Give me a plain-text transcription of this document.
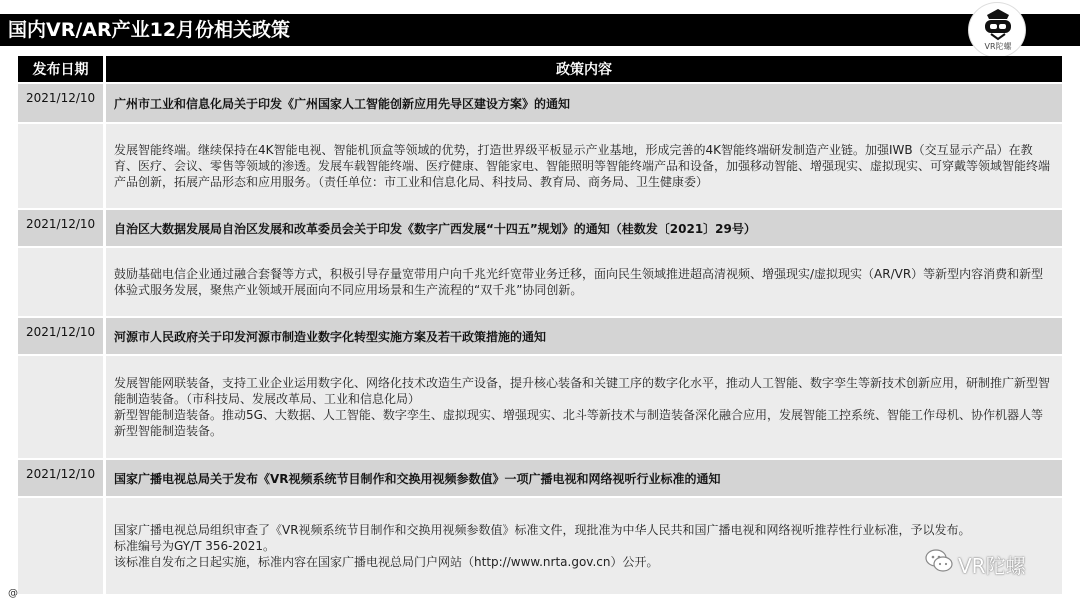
国内VR/AR产业12月份相关政策
VR陀螺
发布日期	政策内容
2021/12/10	广州市工业和信息化局关于印发《广州国家人工智能创新应用先导区建设方案》的通知

	发展智能终端。继续保持在4K智能电视、智能机顶盒等领域的优势，打造世界级平板显示产业基地，形成完善的4K智能终端研发制造产业链。加强IWB（交互显示产品）在教育、医疗、会议、零售等领域的渗透。发展车载智能终端、医疗健康、智能家电、智能照明等智能终端产品和设备，加强移动智能、增强现实、虚拟现实、可穿戴等领域智能终端产品创新，拓展产品形态和应用服务。（责任单位：市工业和信息化局、科技局、教育局、商务局、卫生健康委）

2021/12/10	自治区大数据发展局自治区发展和改革委员会关于印发《数字广西发展“十四五”规划》的通知（桂数发〔2021〕29号）

	鼓励基础电信企业通过融合套餐等方式，积极引导存量宽带用户向千兆光纤宽带业务迁移，面向民生领域推进超高清视频、增强现实/虚拟现实（AR/VR）等新型内容消费和新型体验式服务发展，聚焦产业领域开展面向不同应用场景和生产流程的“双千兆”协同创新。

2021/12/10	河源市人民政府关于印发河源市制造业数字化转型实施方案及若干政策措施的通知

	发展智能网联装备，支持工业企业运用数字化、网络化技术改造生产设备，提升核心装备和关键工序的数字化水平，推动人工智能、数字孪生等新技术创新应用，研制推广新型智能制造装备。（市科技局、发展改革局、工业和信息化局）
新型智能制造装备。推动5G、大数据、人工智能、数字孪生、虚拟现实、增强现实、北斗等新技术与制造装备深化融合应用，发展智能工控系统、智能工作母机、协作机器人等新型智能制造装备。

2021/12/10	国家广播电视总局关于发布《VR视频系统节目制作和交换用视频参数值》一项广播电视和网络视听行业标准的通知

	国家广播电视总局组织审查了《VR视频系统节目制作和交换用视频参数值》标准文件，现批准为中华人民共和国广播电视和网络视听推荐性行业标准，予以发布。
标准编号为GY/T 356-2021。
该标准自发布之日起实施，标准内容在国家广播电视总局门户网站（http://www.nrta.gov.cn）公开。	VR陀螺
@
